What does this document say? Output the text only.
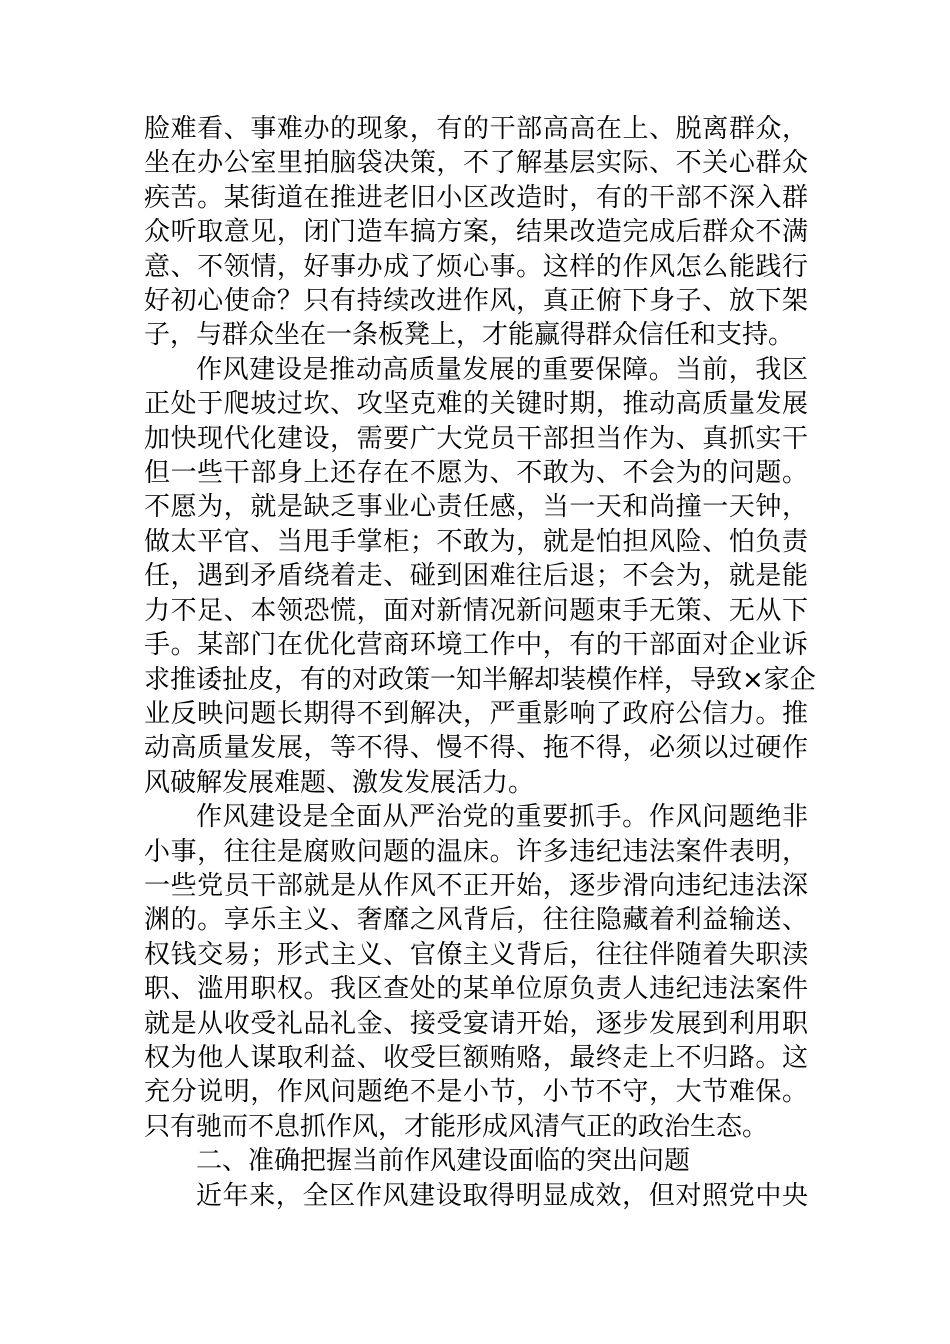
脸难看、事难办的现象，有的干部高高在上、脱离群众，
坐在办公室里拍脑袋决策，不了解基层实际、不关心群众
疾苦。某街道在推进老旧小区改造时，有的干部不深入群
众听取意见，闭门造车搞方案，结果改造完成后群众不满
意、不领情，好事办成了烦心事。这样的作风怎么能践行
好初心使命？只有持续改进作风，真正俯下身子、放下架
子，与群众坐在一条板凳上，才能赢得群众信任和支持。

作风建设是推动高质量发展的重要保障。当前，我区
正处于爬坡过坎、攻坚克难的关键时期，推动高质量发展
加快现代化建设，需要广大党员干部担当作为、真抓实干
但一些干部身上还存在不愿为、不敢为、不会为的问题。
不愿为，就是缺乏事业心责任感，当一天和尚撞一天钟，
做太平官、当甩手掌柜；不敢为，就是怕担风险、怕负责
任，遇到矛盾绕着走、碰到困难往后退；不会为，就是能
力不足、本领恐慌，面对新情况新问题束手无策、无从下
手。某部门在优化营商环境工作中，有的干部面对企业诉
求推诿扯皮，有的对政策一知半解却装模作样，导致×家企
业反映问题长期得不到解决，严重影响了政府公信力。推
动高质量发展，等不得、慢不得、拖不得，必须以过硬作
风破解发展难题、激发发展活力。

作风建设是全面从严治党的重要抓手。作风问题绝非
小事，往往是腐败问题的温床。许多违纪违法案件表明，
一些党员干部就是从作风不正开始，逐步滑向违纪违法深
渊的。享乐主义、奢靡之风背后，往往隐藏着利益输送、
权钱交易；形式主义、官僚主义背后，往往伴随着失职渎
职、滥用职权。我区查处的某单位原负责人违纪违法案件
就是从收受礼品礼金、接受宴请开始，逐步发展到利用职
权为他人谋取利益、收受巨额贿赂，最终走上不归路。这
充分说明，作风问题绝不是小节，小节不守，大节难保。
只有驰而不息抓作风，才能形成风清气正的政治生态。

二、准确把握当前作风建设面临的突出问题

近年来，全区作风建设取得明显成效，但对照党中央
